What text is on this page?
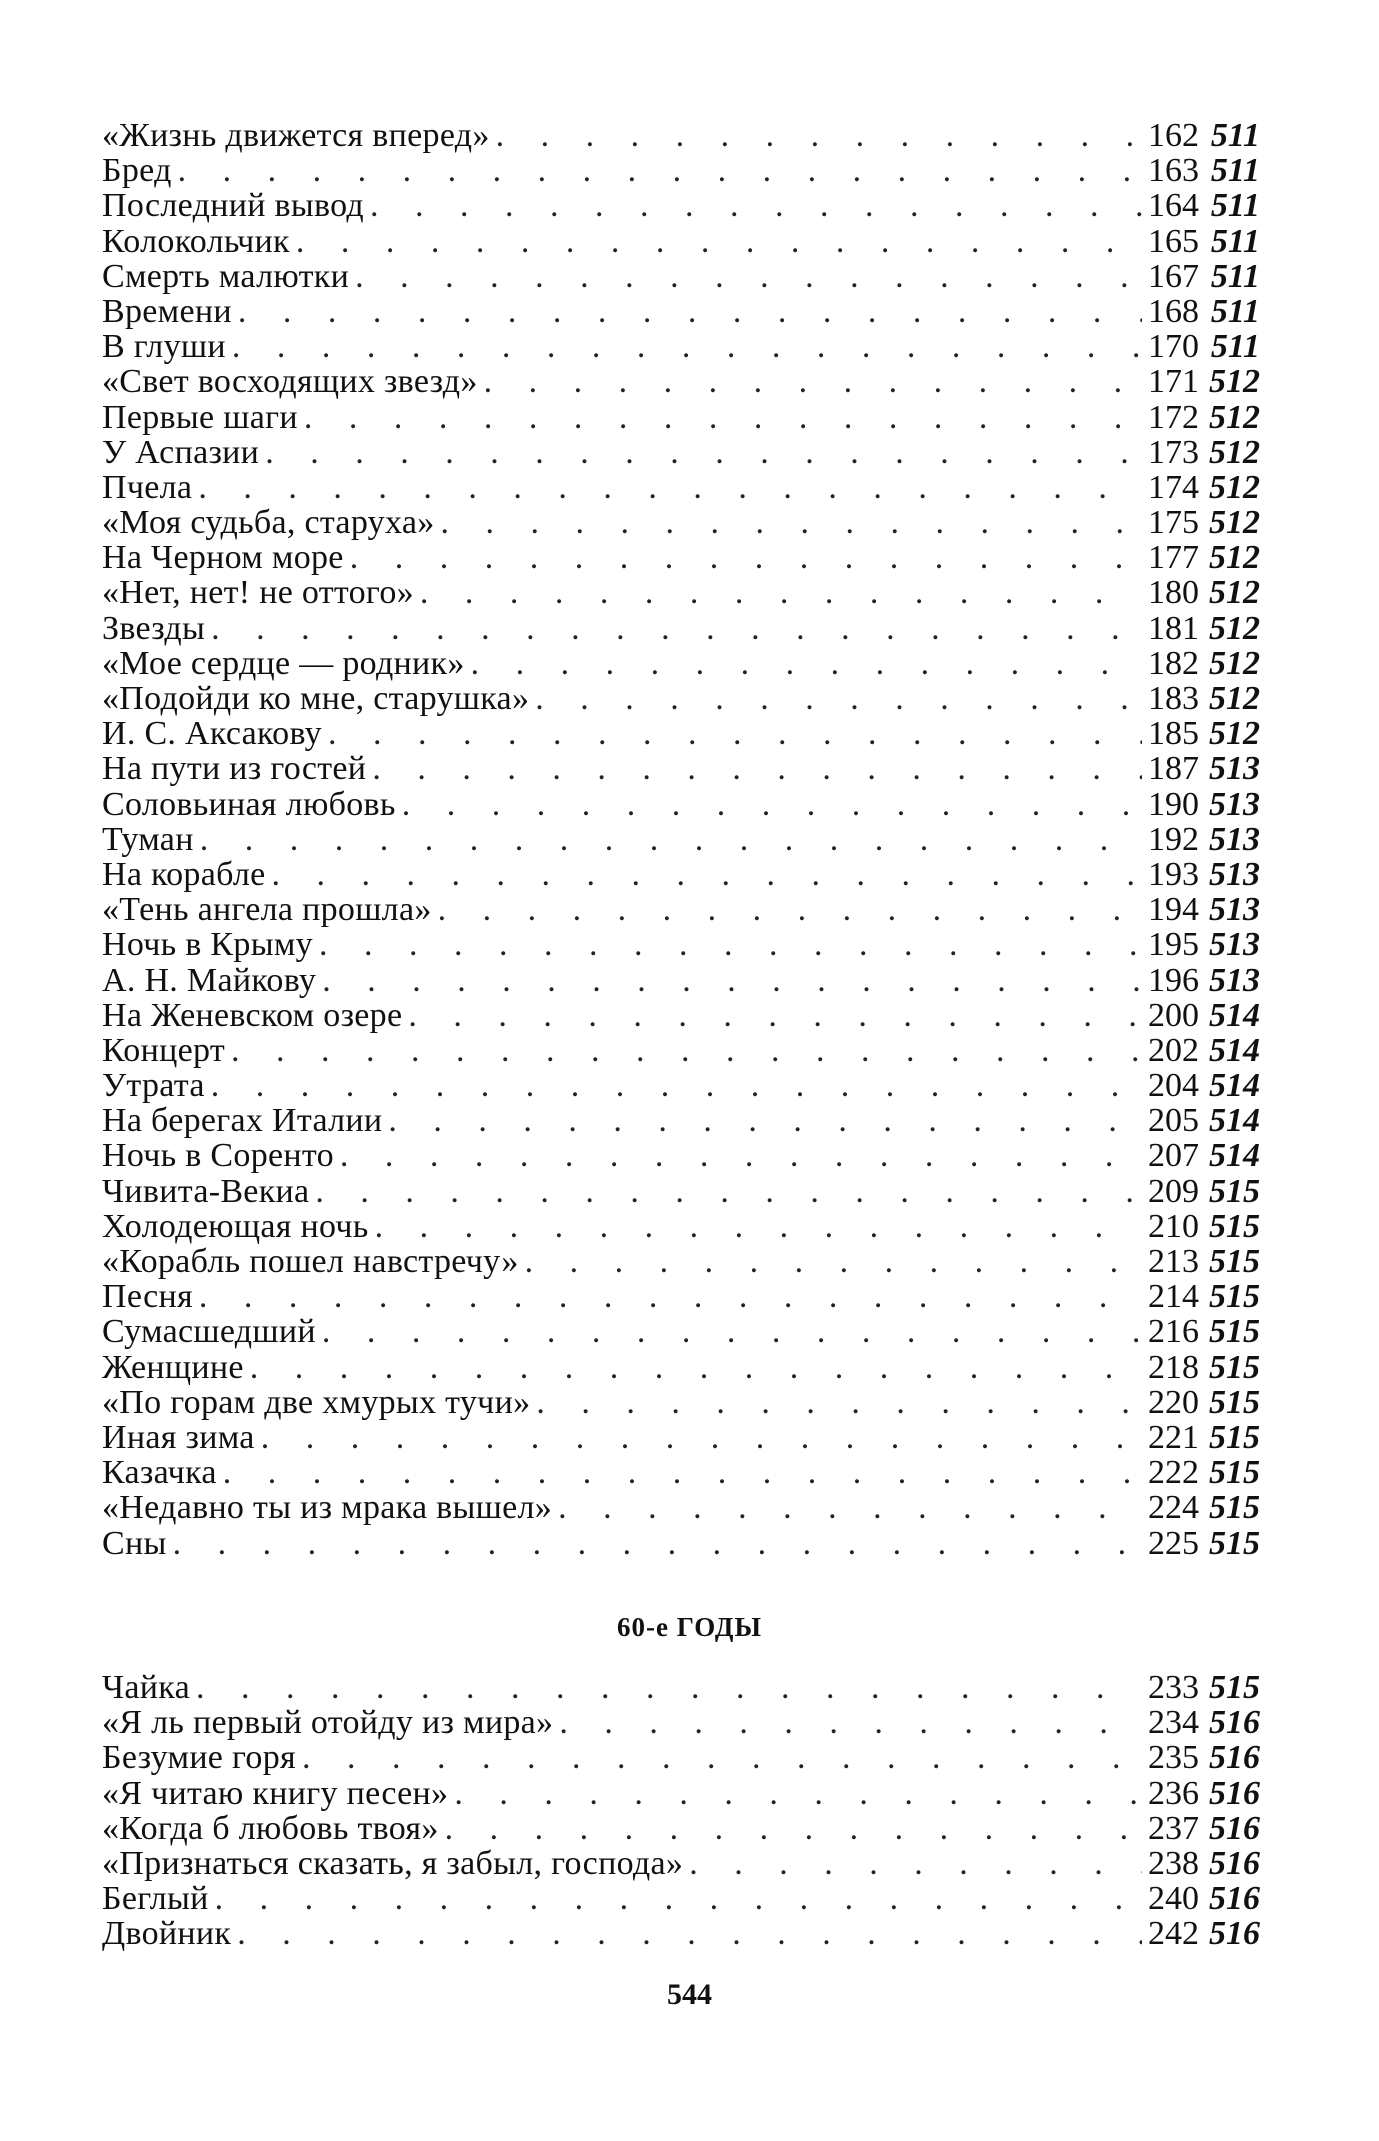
«Жизнь движется вперед» . . .	162 511
Бред . . .	163 511
Последний вывод . . .	164 511
Колокольчик . . .	165 511
Смерть малютки . . .	167 511
Времени . . .	168 511
В глуши . . .	170 511
«Свет восходящих звезд» . . .	171 512
Первые шаги . . .	172 512
У Аспазии . . .	173 512
Пчела . . .	174 512
«Моя судьба, старуха» . . .	175 512
На Черном море . . .	177 512
«Нет, нет! не оттого» . . .	180 512
Звезды . . .	181 512
«Мое сердце — родник» . . .	182 512
«Подойди ко мне, старушка» . . .	183 512
И. С. Аксакову . . .	185 512
На пути из гостей . . .	187 513
Соловьиная любовь . . .	190 513
Туман . . .	192 513
На корабле . . .	193 513
«Тень ангела прошла» . . .	194 513
Ночь в Крыму . . .	195 513
А. Н. Майкову . . .	196 513
На Женевском озере . . .	200 514
Концерт . . .	202 514
Утрата . . .	204 514
На берегах Италии . . .	205 514
Ночь в Соренто . . .	207 514
Чивита-Векиа . . .	209 515
Холодеющая ночь . . .	210 515
«Корабль пошел навстречу» . . .	213 515
Песня . . .	214 515
Сумасшедший . . .	216 515
Женщине . . .	218 515
«По горам две хмурых тучи» . . .	220 515
Иная зима . . .	221 515
Казачка . . .	222 515
«Недавно ты из мрака вышел» . . .	224 515
Сны . . .	225 515
60-е ГОДЫ
Чайка . . .	233 515
«Я ль первый отойду из мира» . . .	234 516
Безумие горя . . .	235 516
«Я читаю книгу песен» . . .	236 516
«Когда б любовь твоя» . . .	237 516
«Признаться сказать, я забыл, господа» . . .	238 516
Беглый . . .	240 516
Двойник . . .	242 516
544
